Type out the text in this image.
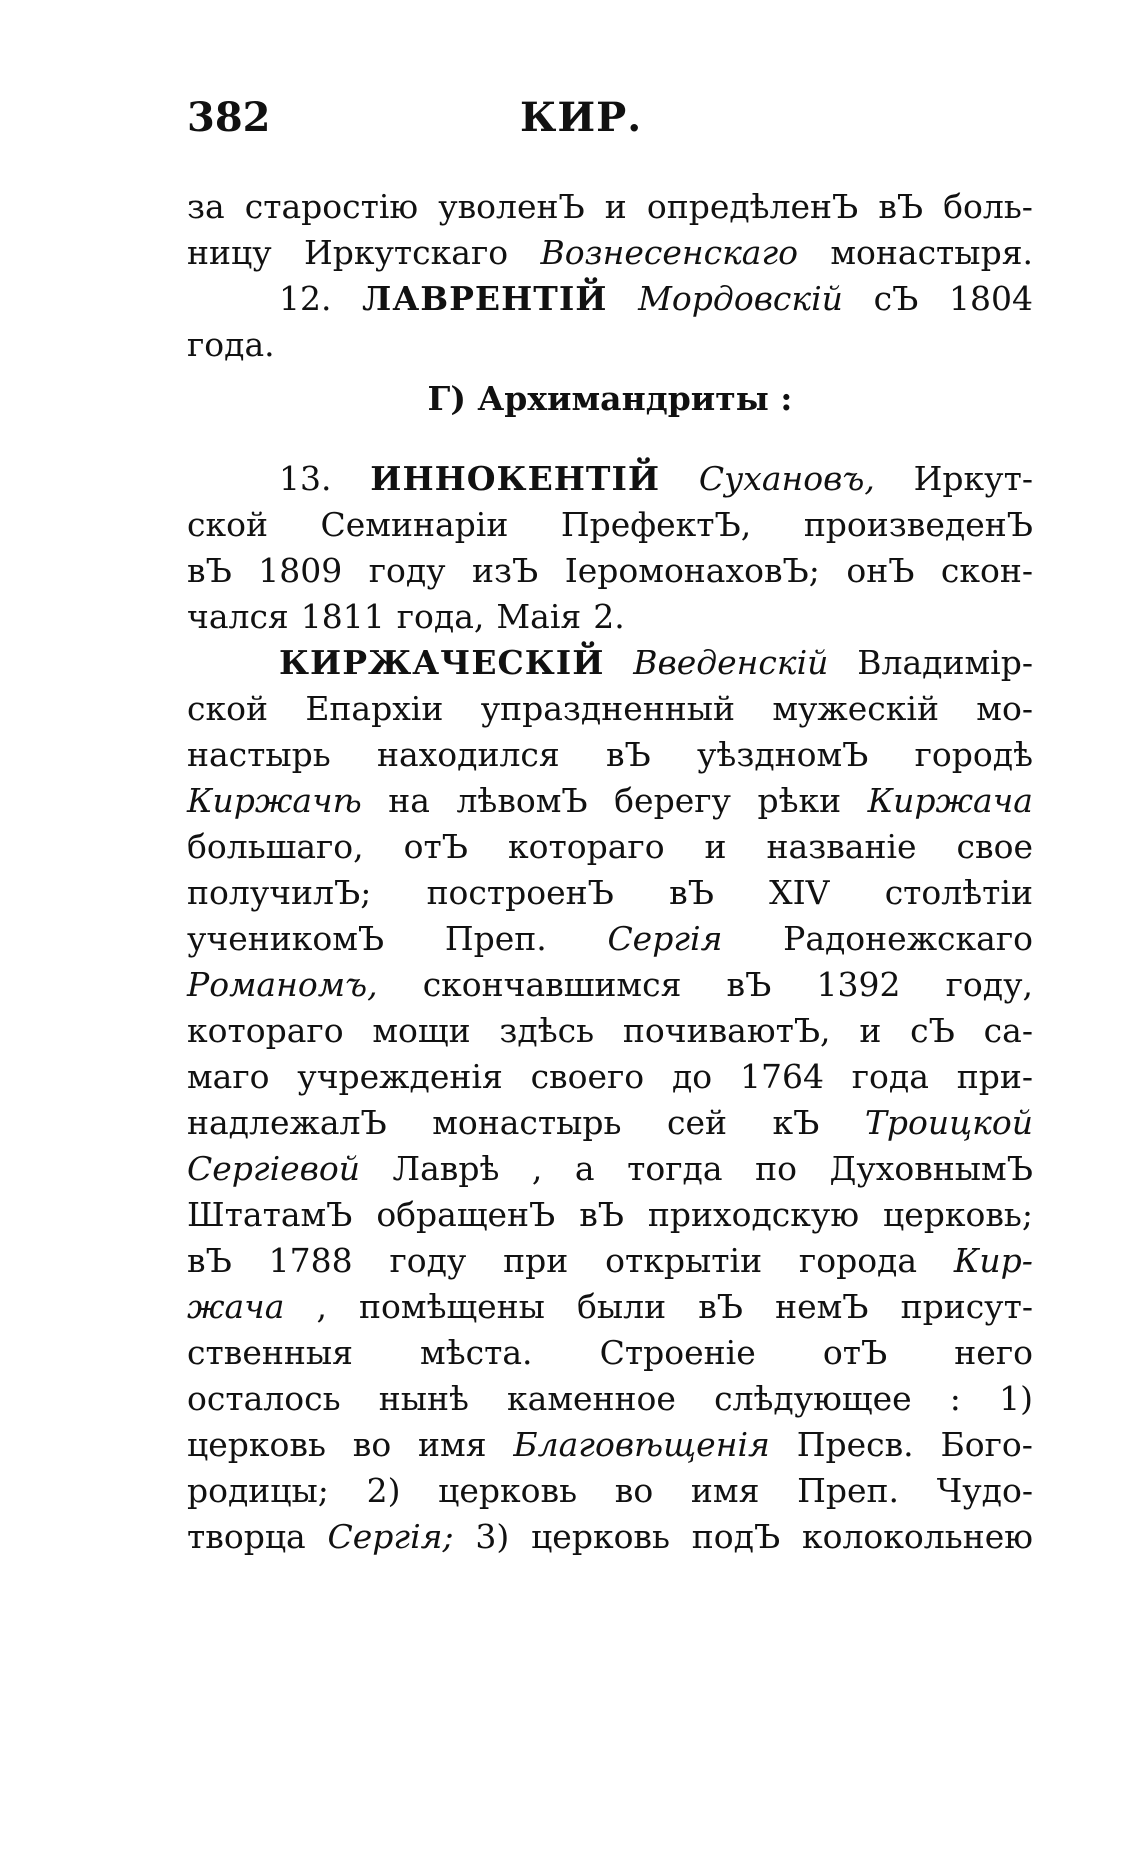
382	КИР.
за старостію уволенЪ и опредѣленЪ вЪ боль-
ницу Иркутскаго Вознесенскаго монастыря.
12. ЛАВРЕНТІЙ Мордовскій сЪ 1804
года.
Г) Архимандриты :
13. ИННОКЕНТІЙ Сухановъ, Иркут-
ской Семинаріи ПрефектЪ, произведенЪ
вЪ 1809 году изЪ ІеромонаховЪ; онЪ скон-
чался 1811 года, Маія 2.
КИРЖАЧЕСКІЙ Введенскій Владимір-
ской Епархіи упраздненный мужескій мо-
настырь находился вЪ уѣздномЪ городѣ
Киржачѣ на лѣвомЪ берегу рѣки Киржача
большаго, отЪ котораго и названіе свое
получилЪ; построенЪ вЪ XIV столѣтіи
ученикомЪ Преп. Сергія Радонежскаго
Романомъ, скончавшимся вЪ 1392 году,
котораго мощи здѣсь почиваютЪ, и сЪ са-
маго учрежденія своего до 1764 года при-
надлежалЪ монастырь сей кЪ Троицкой
Сергіевой Лаврѣ , а тогда по ДуховнымЪ
ШтатамЪ обращенЪ вЪ приходскую церковь;
вЪ 1788 году при открытіи города Кир-
жача , помѣщены были вЪ немЪ присут-
ственныя мѣста. Строеніе отЪ него
осталось нынѣ каменное слѣдующее : 1)
церковь во имя Благовѣщенія Пресв. Бого-
родицы; 2) церковь во имя Преп. Чудо-
творца Сергія; 3) церковь подЪ колокольнею
